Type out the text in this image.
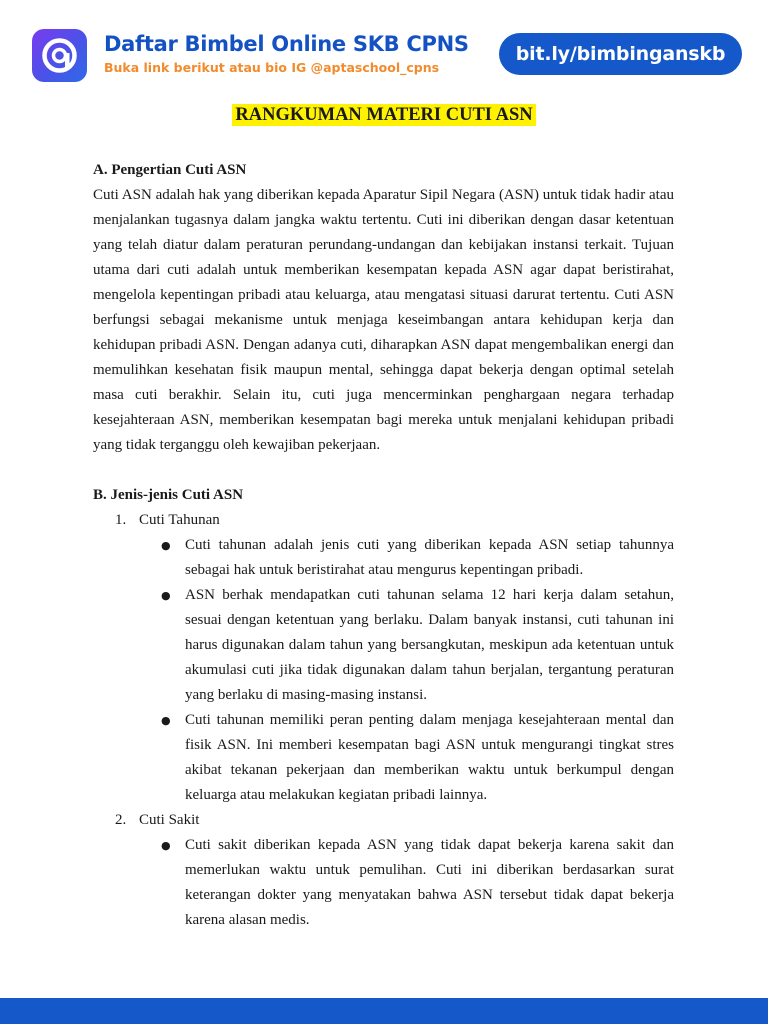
Daftar Bimbel Online SKB CPNS
Buka link berikut atau bio IG @aptaschool_cpns
bit.ly/bimbinganskb
RANGKUMAN MATERI CUTI ASN
A. Pengertian Cuti ASN

Cuti ASN adalah hak yang diberikan kepada Aparatur Sipil Negara (ASN) untuk tidak hadir atau menjalankan tugasnya dalam jangka waktu tertentu. Cuti ini diberikan dengan dasar ketentuan yang telah diatur dalam peraturan perundang-undangan dan kebijakan instansi terkait. Tujuan utama dari cuti adalah untuk memberikan kesempatan kepada ASN agar dapat beristirahat, mengelola kepentingan pribadi atau keluarga, atau mengatasi situasi darurat tertentu. Cuti ASN berfungsi sebagai mekanisme untuk menjaga keseimbangan antara kehidupan kerja dan kehidupan pribadi ASN. Dengan adanya cuti, diharapkan ASN dapat mengembalikan energi dan memulihkan kesehatan fisik maupun mental, sehingga dapat bekerja dengan optimal setelah masa cuti berakhir. Selain itu, cuti juga mencerminkan penghargaan negara terhadap kesejahteraan ASN, memberikan kesempatan bagi mereka untuk menjalani kehidupan pribadi yang tidak terganggu oleh kewajiban pekerjaan.

B. Jenis-jenis Cuti ASN
1. Cuti Tahunan
● Cuti tahunan adalah jenis cuti yang diberikan kepada ASN setiap tahunnya sebagai hak untuk beristirahat atau mengurus kepentingan pribadi.
● ASN berhak mendapatkan cuti tahunan selama 12 hari kerja dalam setahun, sesuai dengan ketentuan yang berlaku. Dalam banyak instansi, cuti tahunan ini harus digunakan dalam tahun yang bersangkutan, meskipun ada ketentuan untuk akumulasi cuti jika tidak digunakan dalam tahun berjalan, tergantung peraturan yang berlaku di masing-masing instansi.
● Cuti tahunan memiliki peran penting dalam menjaga kesejahteraan mental dan fisik ASN. Ini memberi kesempatan bagi ASN untuk mengurangi tingkat stres akibat tekanan pekerjaan dan memberikan waktu untuk berkumpul dengan keluarga atau melakukan kegiatan pribadi lainnya.
2. Cuti Sakit
● Cuti sakit diberikan kepada ASN yang tidak dapat bekerja karena sakit dan memerlukan waktu untuk pemulihan. Cuti ini diberikan berdasarkan surat keterangan dokter yang menyatakan bahwa ASN tersebut tidak dapat bekerja karena alasan medis.
